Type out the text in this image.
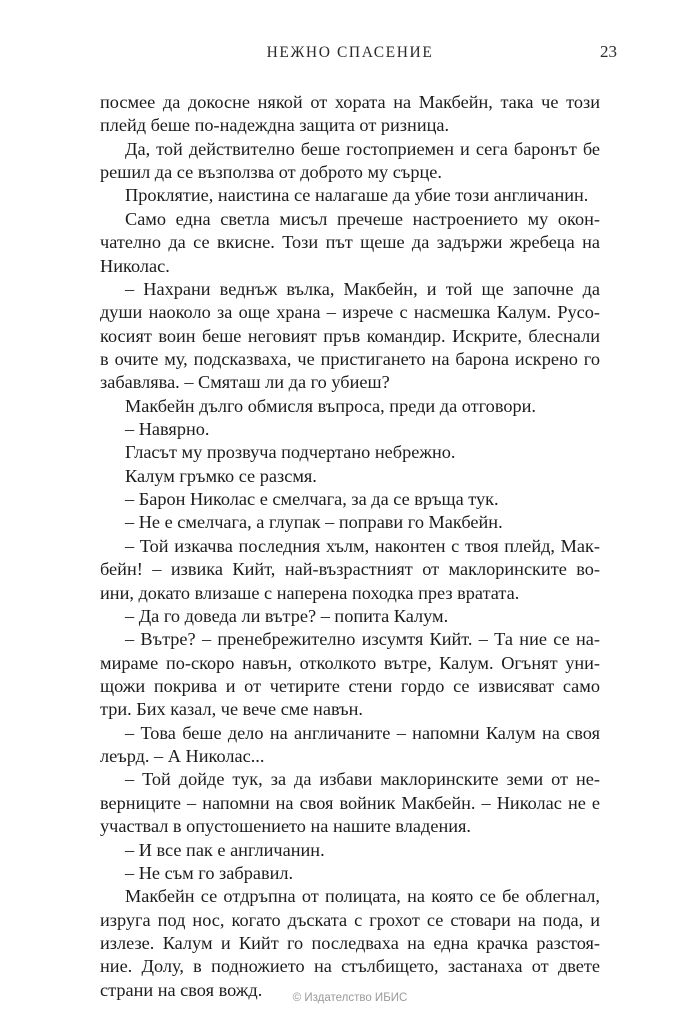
НЕЖНО СПАСЕНИЕ	23
посмее да докосне някой от хората на Макбейн, така че този
плейд беше по-надеждна защита от ризница.
Да, той действително беше гостоприемен и сега баронът бе
решил да се възползва от доброто му сърце.
Проклятие, наистина се налагаше да убие този англичанин.
Само една светла мисъл пречеше настроението му окон-
чателно да се вкисне. Този път щеше да задържи жребеца на
Николас.
– Нахрани веднъж вълка, Макбейн, и той ще започне да
души наоколо за още храна – изрече с насмешка Калум. Русо-
косият воин беше неговият пръв командир. Искрите, блеснали
в очите му, подсказваха, че пристигането на барона искрено го
забавлява. – Смяташ ли да го убиеш?
Макбейн дълго обмисля въпроса, преди да отговори.
– Навярно.
Гласът му прозвуча подчертано небрежно.
Калум гръмко се разсмя.
– Барон Николас е смелчага, за да се връща тук.
– Не е смелчага, а глупак – поправи го Макбейн.
– Той изкачва последния хълм, наконтен с твоя плейд, Мак-
бейн! – извика Кийт, най-възрастният от маклоринските во-
ини, докато влизаше с наперена походка през вратата.
– Да го доведа ли вътре? – попита Калум.
– Вътре? – пренебрежително изсумтя Кийт. – Та ние се на-
мираме по-скоро навън, отколкото вътре, Калум. Огънят уни-
щожи покрива и от четирите стени гордо се извисяват само
три. Бих казал, че вече сме навън.
– Това беше дело на англичаните – напомни Калум на своя
леърд. – А Николас...
– Той дойде тук, за да избави маклоринските земи от не-
верниците – напомни на своя войник Макбейн. – Николас не е
участвал в опустошението на нашите владения.
– И все пак е англичанин.
– Не съм го забравил.
Макбейн се отдръпна от полицата, на която се бе облегнал,
изруга под нос, когато дъската с грохот се стовари на пода, и
излезе. Калум и Кийт го последваха на една крачка разстоя-
ние. Долу, в подножието на стълбището, застанаха от двете
страни на своя вожд.	© Издателство ИБИС
